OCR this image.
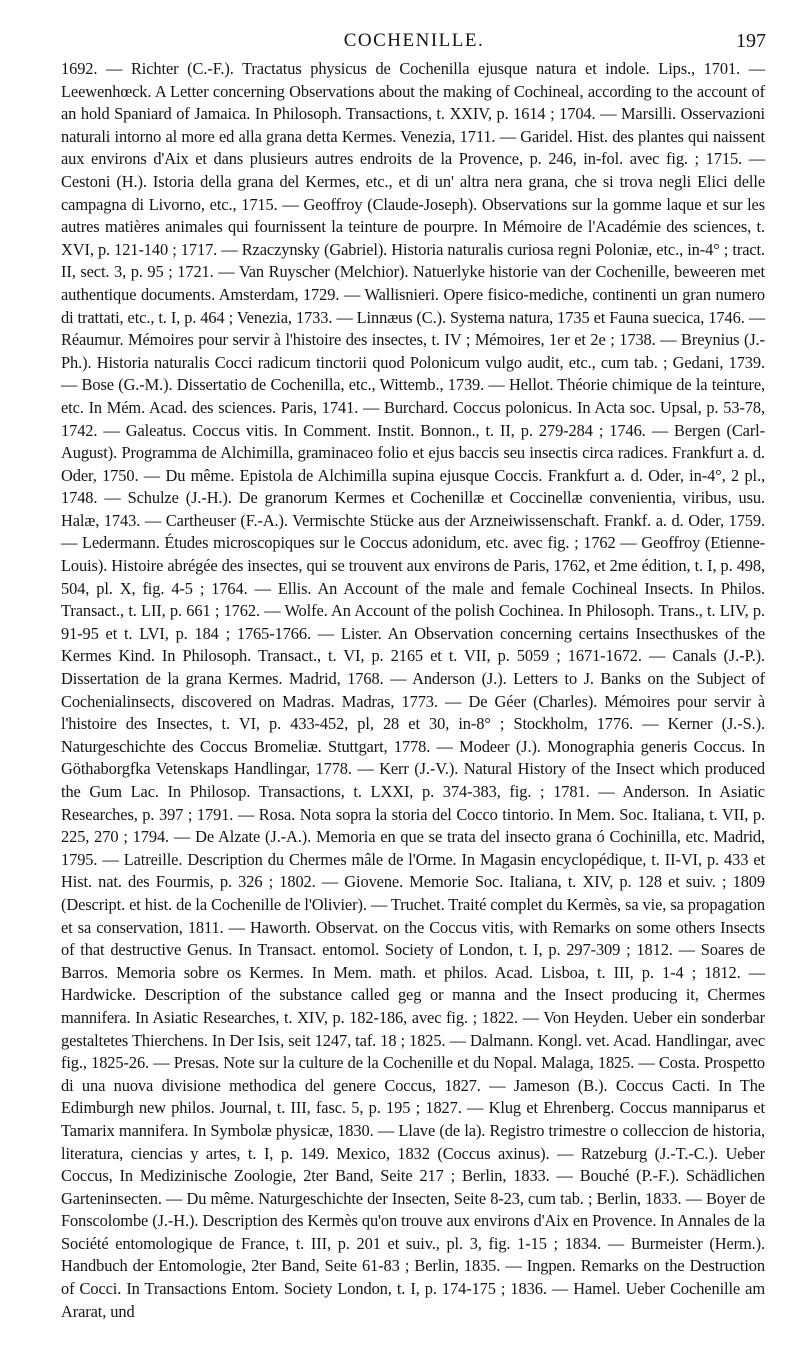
COCHENILLE.	197

1692. — Richter (C.-F.). Tractatus physicus de Cochenilla ejusque natura et indole. Lips., 1701. — Leewenhœck. A Letter concerning Observations about the making of Cochineal, according to the account of an hold Spaniard of Jamaica. In Philosoph. Transactions, t. XXIV, p. 1614 ; 1704. — Marsilli. Osservazioni naturali intorno al more ed alla grana detta Kermes. Venezia, 1711. — Garidel. Hist. des plantes qui naissent aux environs d'Aix et dans plusieurs autres endroits de la Provence, p. 246, in-fol. avec fig. ; 1715. — Cestoni (H.). Istoria della grana del Kermes, etc., et di un' altra nera grana, che si trova negli Elici delle campagna di Livorno, etc., 1715. — Geoffroy (Claude-Joseph). Observations sur la gomme laque et sur les autres matières animales qui fournissent la teinture de pourpre. In Mémoire de l'Académie des sciences, t. XVI, p. 121-140 ; 1717. — Rzaczynsky (Gabriel). Historia naturalis curiosa regni Poloniæ, etc., in-4° ; tract. II, sect. 3, p. 95 ; 1721. — Van Ruyscher (Melchior). Natuerlyke historie van der Cochenille, beweeren met authentique documents. Amsterdam, 1729. — Wallisnieri. Opere fisico-mediche, continenti un gran numero di trattati, etc., t. I, p. 464 ; Venezia, 1733. — Linnæus (C.). Systema natura, 1735 et Fauna suecica, 1746. — Réaumur. Mémoires pour servir à l'histoire des insectes, t. IV ; Mémoires, 1er et 2e ; 1738. — Breynius (J.-Ph.). Historia naturalis Cocci radicum tinctorii quod Polonicum vulgo audit, etc., cum tab. ; Gedani, 1739. — Bose (G.-M.). Dissertatio de Cochenilla, etc., Wittemb., 1739. — Hellot. Théorie chimique de la teinture, etc. In Mém. Acad. des sciences. Paris, 1741. — Burchard. Coccus polonicus. In Acta soc. Upsal, p. 53-78, 1742. — Galeatus. Coccus vitis. In Comment. Instit. Bonnon., t. II, p. 279-284 ; 1746. — Bergen (Carl-August). Programma de Alchimilla, graminaceo folio et ejus baccis seu insectis circa radices. Frankfurt a. d. Oder, 1750. — Du même. Epistola de Alchimilla supina ejusque Coccis. Frankfurt a. d. Oder, in-4°, 2 pl., 1748. — Schulze (J.-H.). De granorum Kermes et Cochenillæ et Coccinellæ convenientia, viribus, usu. Halæ, 1743. — Cartheuser (F.-A.). Vermischte Stücke aus der Arzneiwissenschaft. Frankf. a. d. Oder, 1759. — Ledermann. Études microscopiques sur le Coccus adonidum, etc. avec fig. ; 1762 — Geoffroy (Etienne-Louis). Histoire abrégée des insectes, qui se trouvent aux environs de Paris, 1762, et 2me édition, t. I, p. 498, 504, pl. X, fig. 4-5 ; 1764. — Ellis. An Account of the male and female Cochineal Insects. In Philos. Transact., t. LII, p. 661 ; 1762. — Wolfe. An Account of the polish Cochinea. In Philosoph. Trans., t. LIV, p. 91-95 et t. LVI, p. 184 ; 1765-1766. — Lister. An Observation concerning certains Insecthuskes of the Kermes Kind. In Philosoph. Transact., t. VI, p. 2165 et t. VII, p. 5059 ; 1671-1672. — Canals (J.-P.). Dissertation de la grana Kermes. Madrid, 1768. — Anderson (J.). Letters to J. Banks on the Subject of Cochenialinsects, discovered on Madras. Madras, 1773. — De Géer (Charles). Mémoires pour servir à l'histoire des Insectes, t. VI, p. 433-452, pl, 28 et 30, in-8° ; Stockholm, 1776. — Kerner (J.-S.). Naturgeschichte des Coccus Bromeliæ. Stuttgart, 1778. — Modeer (J.). Monographia generis Coccus. In Göthaborgfka Vetenskaps Handlingar, 1778. — Kerr (J.-V.). Natural History of the Insect which produced the Gum Lac. In Philosop. Transactions, t. LXXI, p. 374-383, fig. ; 1781. — Anderson. In Asiatic Researches, p. 397 ; 1791. — Rosa. Nota sopra la storia del Cocco tintorio. In Mem. Soc. Italiana, t. VII, p. 225, 270 ; 1794. — De Alzate (J.-A.). Memoria en que se trata del insecto grana ó Cochinilla, etc. Madrid, 1795. — Latreille. Description du Chermes mâle de l'Orme. In Magasin encyclopédique, t. II-VI, p. 433 et Hist. nat. des Fourmis, p. 326 ; 1802. — Giovene. Memorie Soc. Italiana, t. XIV, p. 128 et suiv. ; 1809 (Descript. et hist. de la Cochenille de l'Olivier). — Truchet. Traité complet du Kermès, sa vie, sa propagation et sa conservation, 1811. — Haworth. Observat. on the Coccus vitis, with Remarks on some others Insects of that destructive Genus. In Transact. entomol. Society of London, t. I, p. 297-309 ; 1812. — Soares de Barros. Memoria sobre os Kermes. In Mem. math. et philos. Acad. Lisboa, t. III, p. 1-4 ; 1812. — Hardwicke. Description of the substance called geg or manna and the Insect producing it, Chermes mannifera. In Asiatic Researches, t. XIV, p. 182-186, avec fig. ; 1822. — Von Heyden. Ueber ein sonderbar gestaltetes Thierchens. In Der Isis, seit 1247, taf. 18 ; 1825. — Dalmann. Kongl. vet. Acad. Handlingar, avec fig., 1825-26. — Presas. Note sur la culture de la Cochenille et du Nopal. Malaga, 1825. — Costa. Prospetto di una nuova divisione methodica del genere Coccus, 1827. — Jameson (B.). Coccus Cacti. In The Edimburgh new philos. Journal, t. III, fasc. 5, p. 195 ; 1827. — Klug et Ehrenberg. Coccus manniparus et Tamarix mannifera. In Symbolæ physicæ, 1830. — Llave (de la). Registro trimestre o colleccion de historia, literatura, ciencias y artes, t. I, p. 149. Mexico, 1832 (Coccus axinus). — Ratzeburg (J.-T.-C.). Ueber Coccus, In Medizinische Zoologie, 2ter Band, Seite 217 ; Berlin, 1833. — Bouché (P.-F.). Schädlichen Garteninsecten. — Du même. Naturgeschichte der Insecten, Seite 8-23, cum tab. ; Berlin, 1833. — Boyer de Fonscolombe (J.-H.). Description des Kermès qu'on trouve aux environs d'Aix en Provence. In Annales de la Société entomologique de France, t. III, p. 201 et suiv., pl. 3, fig. 1-15 ; 1834. — Burmeister (Herm.). Handbuch der Entomologie, 2ter Band, Seite 61-83 ; Berlin, 1835. — Ingpen. Remarks on the Destruction of Cocci. In Transactions Entom. Society London, t. I, p. 174-175 ; 1836. — Hamel. Ueber Cochenille am Ararat, und
